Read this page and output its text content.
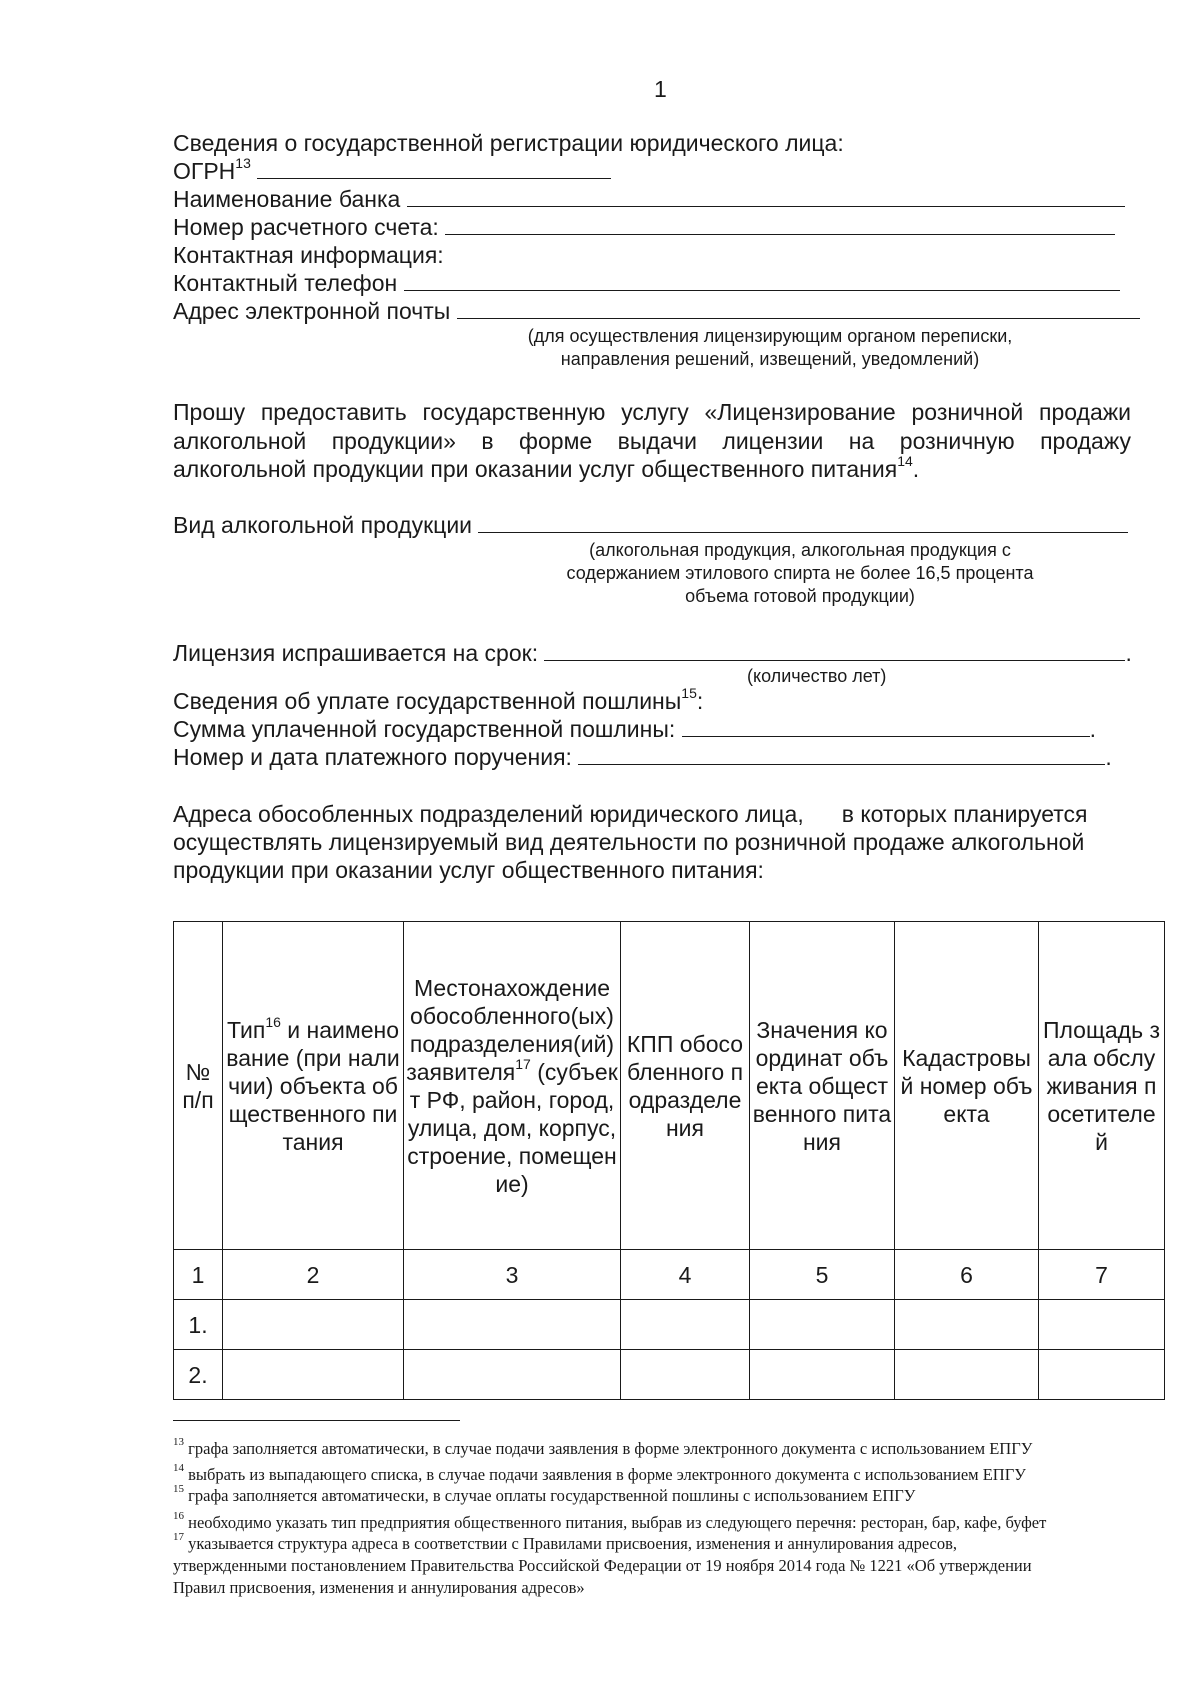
1
Сведения о государственной регистрации юридического лица:
ОГРН$^{13}$
Наименование банка
Номер расчетного счета:
Контактная информация:
Контактный телефон
Адрес электронной почты
(для осуществления лицензирующим органом переписки,
направления решений, извещений, уведомлений)
Прошу предоставить государственную услугу «Лицензирование розничной продажи
алкогольной продукции» в форме выдачи лицензии на розничную продажу
алкогольной продукции при оказании услуг общественного питания$^{14}$.
Вид алкогольной продукции
(алкогольная продукция, алкогольная продукция с
содержанием этилового спирта не более 16,5 процента
объема готовой продукции)
Лицензия испрашивается на срок:	.
(количество лет)
Сведения об уплате государственной пошлины$^{15}$:
Сумма уплаченной государственной пошлины:	.
Номер и дата платежного поручения:	.
Адреса обособленных подразделений юридического лица, в которых планируется
осуществлять лицензируемый вид деятельности по розничной продаже алкогольной
продукции при оказании услуг общественного питания:
№ п/п	Тип$^{16}$ и наименование (при наличии) объекта общественного питания	Местонахождение обособленного(ых) подразделения(ий) заявителя$^{17}$ (субъект РФ, район, город, улица, дом, корпус, строение, помещение)	КПП обособленного подразделения	Значения координат объекта общественного питания	Кадастровый номер объекта	Площадь зала обслуживания посетителей
1	2	3	4	5	6	7
1.						
2.						
$^{13}$ графа заполняется автоматически, в случае подачи заявления в форме электронного документа с использованием ЕПГУ
$^{14}$ выбрать из выпадающего списка, в случае подачи заявления в форме электронного документа с использованием ЕПГУ
$^{15}$ графа заполняется автоматически, в случае оплаты государственной пошлины с использованием ЕПГУ
$^{16}$ необходимо указать тип предприятия общественного питания, выбрав из следующего перечня: ресторан, бар, кафе, буфет
$^{17}$ указывается структура адреса в соответствии с Правилами присвоения, изменения и аннулирования адресов,
утвержденными постановлением Правительства Российской Федерации от 19 ноября 2014 года № 1221 «Об утверждении
Правил присвоения, изменения и аннулирования адресов»
